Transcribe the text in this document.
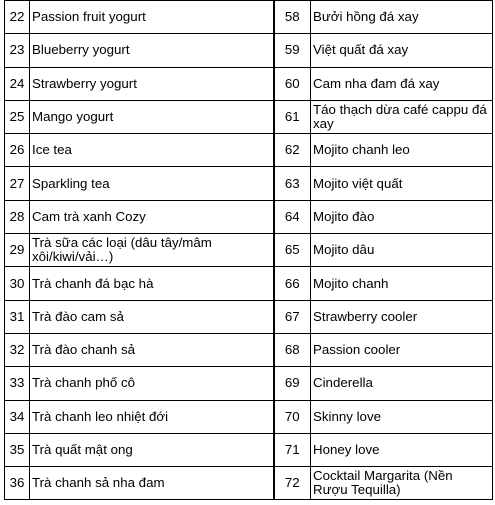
22	Passion fruit yogurt	58	Bưởi hồng đá xay
23	Blueberry yogurt	59	Việt quất đá xay
24	Strawberry yogurt	60	Cam nha đam đá xay
25	Mango yogurt	61	Táo thạch dừa café cappu đá xay
26	Ice tea	62	Mojito chanh leo
27	Sparkling tea	63	Mojito việt quất
28	Cam trà xanh Cozy	64	Mojito đào
29	Trà sữa các loại (dâu tây/mâm xôi/kiwi/vải…)	65	Mojito dâu
30	Trà chanh đá bạc hà	66	Mojito chanh
31	Trà đào cam sả	67	Strawberry cooler
32	Trà đào chanh sả	68	Passion cooler
33	Trà chanh phố cô	69	Cinderella
34	Trà chanh leo nhiệt đới	70	Skinny love
35	Trà quất mật ong	71	Honey love
36	Trà chanh sả nha đam	72	Cocktail Margarita (Nền Rượu Tequilla)
